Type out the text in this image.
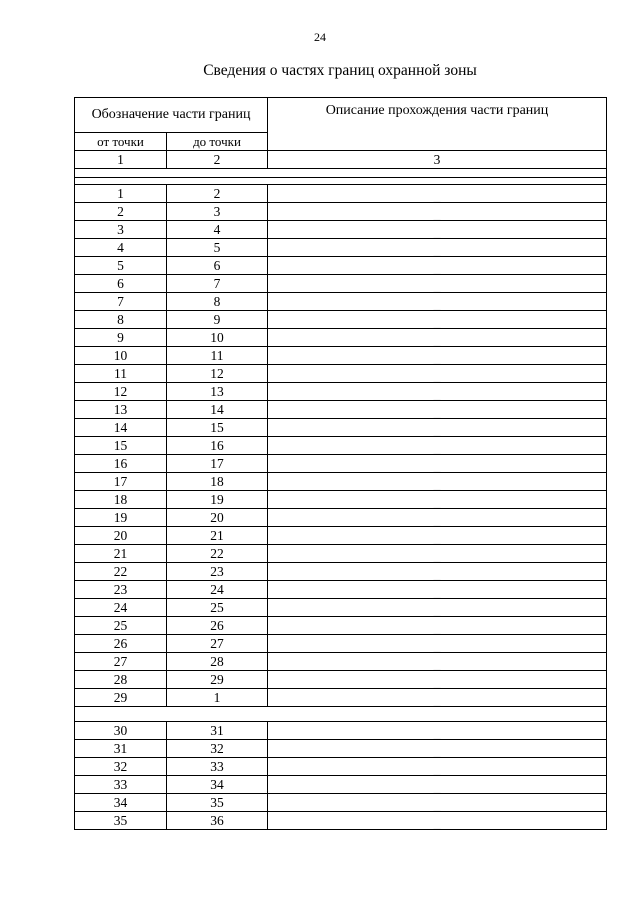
24
Сведения о частях границ охранной зоны
Обозначение части границ		Описание прохождения части границ
от точки	до точки	
1	2	3

1	2	_
2	3	_
3	4	_
4	5	_
5	6	_
6	7	_
7	8	_
8	9	_
9	10	_
10	11	_
11	12	_
12	13	_
13	14	_
14	15	_
15	16	_
16	17	_
17	18	_
18	19	_
19	20	_
20	21	_
21	22	_
22	23	_
23	24	_
24	25	_
25	26	_
26	27	_
27	28	_
28	29	_
29	1	_

30	31	_
31	32	_
32	33	_
33	34	_
34	35	_
35	36	_
